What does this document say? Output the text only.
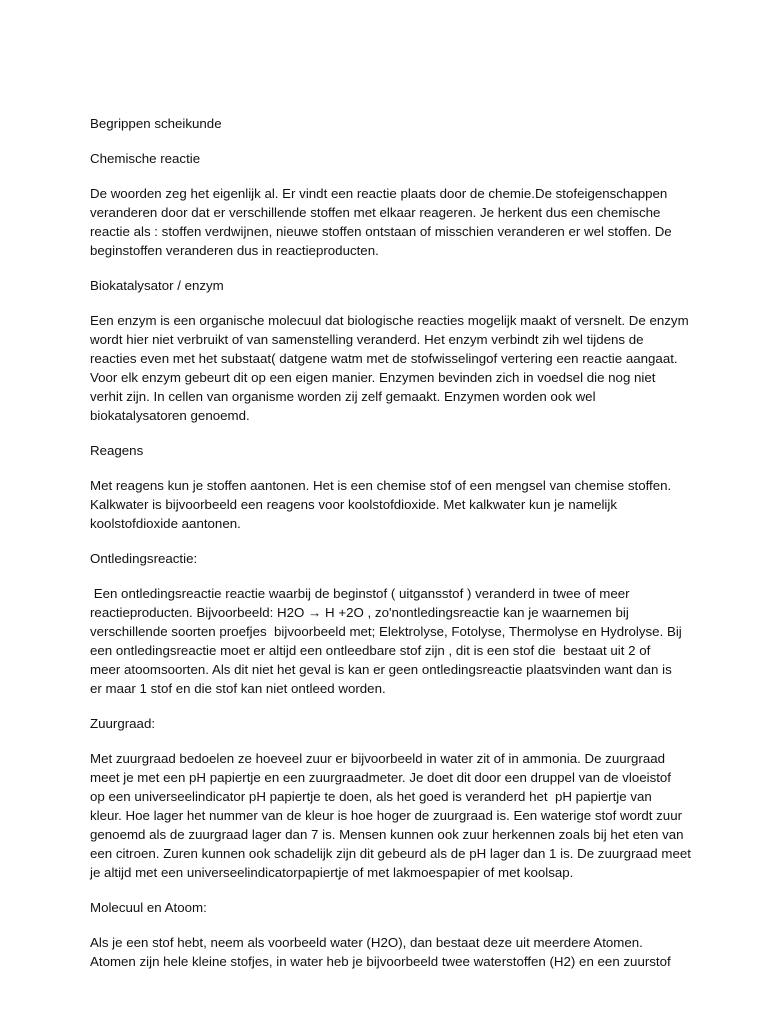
Begrippen scheikunde

Chemische reactie

De woorden zeg het eigenlijk al. Er vindt een reactie plaats door de chemie.De stofeigenschappen
veranderen door dat er verschillende stoffen met elkaar reageren. Je herkent dus een chemische
reactie als : stoffen verdwijnen, nieuwe stoffen ontstaan of misschien veranderen er wel stoffen. De
beginstoffen veranderen dus in reactieproducten.

Biokatalysator / enzym

Een enzym is een organische molecuul dat biologische reacties mogelijk maakt of versnelt. De enzym
wordt hier niet verbruikt of van samenstelling veranderd. Het enzym verbindt zih wel tijdens de
reacties even met het substaat( datgene watm met de stofwisselingof vertering een reactie aangaat.
Voor elk enzym gebeurt dit op een eigen manier. Enzymen bevinden zich in voedsel die nog niet
verhit zijn. In cellen van organisme worden zij zelf gemaakt. Enzymen worden ook wel
biokatalysatoren genoemd.

Reagens

Met reagens kun je stoffen aantonen. Het is een chemise stof of een mengsel van chemise stoffen.
Kalkwater is bijvoorbeeld een reagens voor koolstofdioxide. Met kalkwater kun je namelijk
koolstofdioxide aantonen.

Ontledingsreactie:

Een ontledingsreactie reactie waarbij de beginstof ( uitgansstof ) veranderd in twee of meer
reactieproducten. Bijvoorbeeld: H2O → H +2O , zo'nontledingsreactie kan je waarnemen bij
verschillende soorten proefjes  bijvoorbeeld met; Elektrolyse, Fotolyse, Thermolyse en Hydrolyse. Bij
een ontledingsreactie moet er altijd een ontleedbare stof zijn , dit is een stof die  bestaat uit 2 of
meer atoomsoorten. Als dit niet het geval is kan er geen ontledingsreactie plaatsvinden want dan is
er maar 1 stof en die stof kan niet ontleed worden.

Zuurgraad:

Met zuurgraad bedoelen ze hoeveel zuur er bijvoorbeeld in water zit of in ammonia. De zuurgraad
meet je met een pH papiertje en een zuurgraadmeter. Je doet dit door een druppel van de vloeistof
op een universeelindicator pH papiertje te doen, als het goed is veranderd het  pH papiertje van
kleur. Hoe lager het nummer van de kleur is hoe hoger de zuurgraad is. Een waterige stof wordt zuur
genoemd als de zuurgraad lager dan 7 is. Mensen kunnen ook zuur herkennen zoals bij het eten van
een citroen. Zuren kunnen ook schadelijk zijn dit gebeurd als de pH lager dan 1 is. De zuurgraad meet
je altijd met een universeelindicatorpapiertje of met lakmoespapier of met koolsap.

Molecuul en Atoom:

Als je een stof hebt, neem als voorbeeld water (H2O), dan bestaat deze uit meerdere Atomen.
Atomen zijn hele kleine stofjes, in water heb je bijvoorbeeld twee waterstoffen (H2) en een zuurstof
